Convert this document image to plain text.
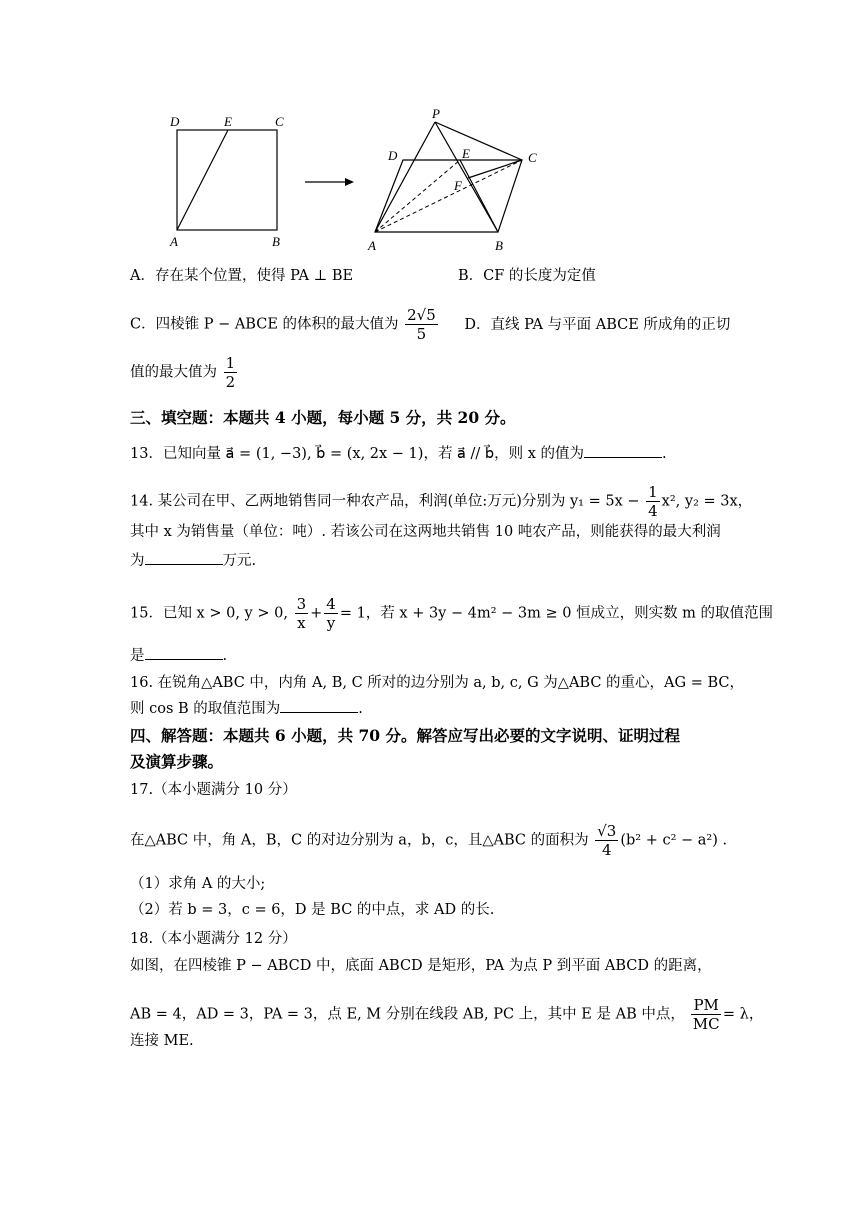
D	E	C
A	B
P
D	E	C
F
A	B
A．存在某个位置，使得 PA ⊥ BE	B．CF 的长度为定值
C．四棱锥 P − ABCE 的体积的最大值为 $\frac{2√5}{5}$ D．直线 PA 与平面 ABCE 所成角的正切
值的最大值为 $\frac{1}{2}$
三、填空题：本题共 4 小题，每小题 5 分，共 20 分。
13．已知向量 a⃗ = (1, −3), b⃗ = (x, 2x − 1)，若 a⃗ // b⃗，则 x 的值为	.
14. 某公司在甲、乙两地销售同一种农产品，利润(单位:万元)分别为 $y_1 = 5x - \frac{1}{4} x^2$, y₂ = 3x，
其中 x 为销售量（单位：吨）. 若该公司在这两地共销售 10 吨农产品，则能获得的最大利润
为	万元.
15．已知 x > 0, y > 0, $\frac{3}{x} + \frac{4}{y} = 1$，若 x + 3y − 4m² − 3m ≥ 0 恒成立，则实数 m 的取值范围
是	.
16. 在锐角△ABC 中，内角 A, B, C 所对的边分别为 a, b, c, G 为△ABC 的重心，AG = BC，
则 cos B 的取值范围为	.
四、解答题：本题共 6 小题，共 70 分。解答应写出必要的文字说明、证明过程
及演算步骤。
17.（本小题满分 10 分）
在△ABC 中，角 A，B，C 的对边分别为 a，b，c，且△ABC 的面积为 $\frac{√3}{4} (b^2 + c^2 - a^2)$ .
（1）求角 A 的大小;
（2）若 b = 3，c = 6，D 是 BC 的中点，求 AD 的长.
18.（本小题满分 12 分）
如图，在四棱锥 P − ABCD 中，底面 ABCD 是矩形，PA 为点 P 到平面 ABCD 的距离，
AB = 4，AD = 3，PA = 3，点 E, M 分别在线段 AB, PC 上，其中 E 是 AB 中点， $\frac{PM}{MC} = \lambda$，
连接 ME.
